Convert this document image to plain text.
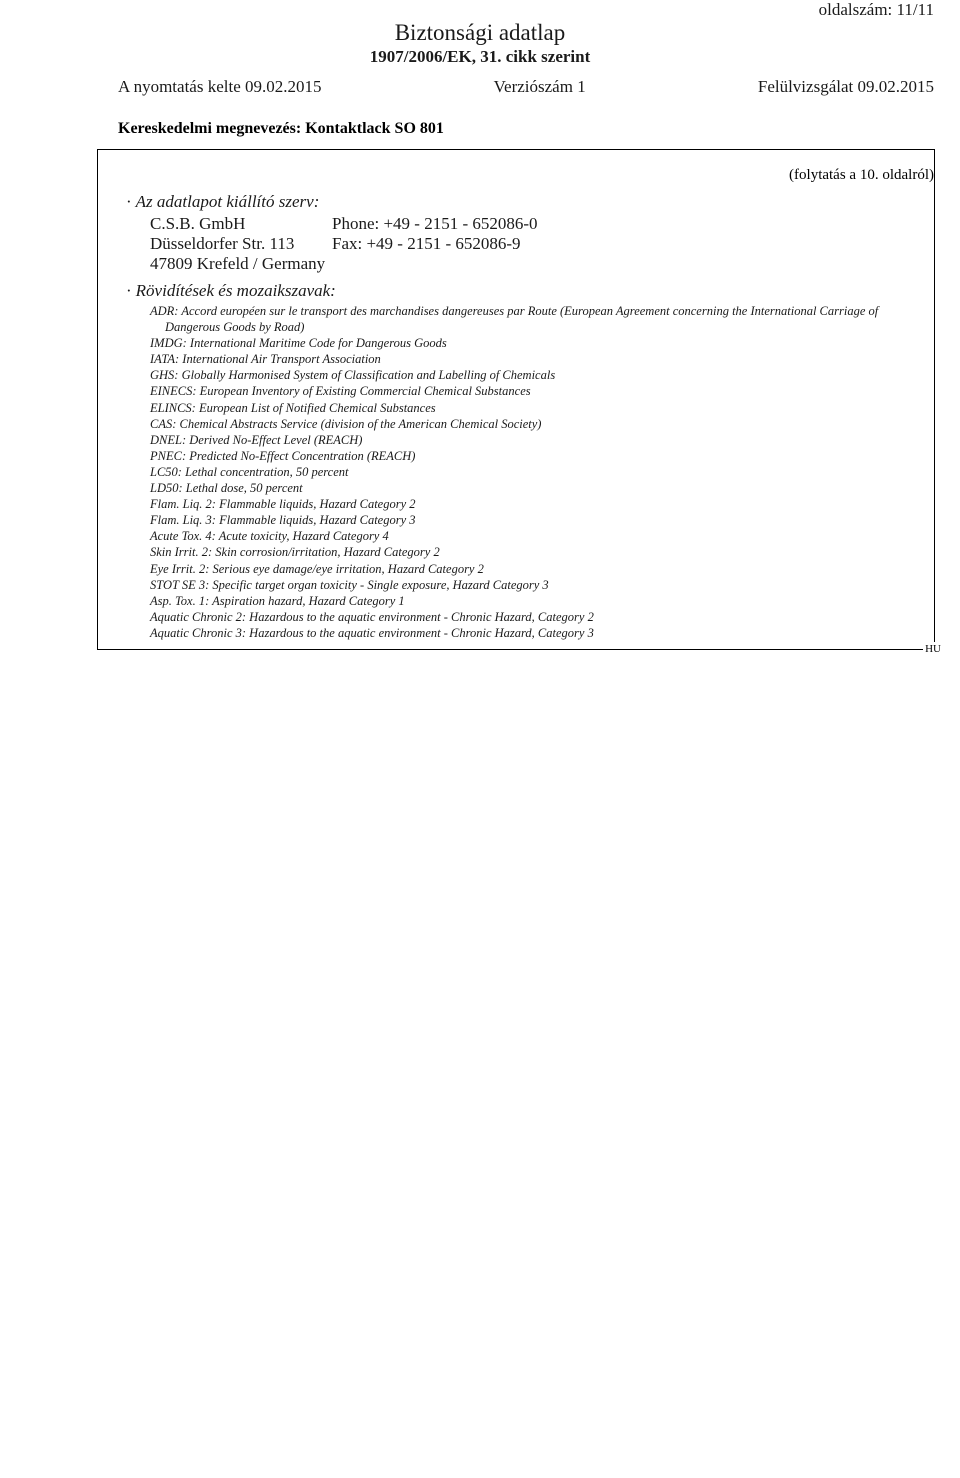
oldalszám: 11/11
Biztonsági adatlap
1907/2006/EK, 31. cikk szerint
A nyomtatás kelte 09.02.2015	Verziószám 1	Felülvizsgálat 09.02.2015
Kereskedelmi megnevezés: Kontaktlack SO 801
(folytatás a 10. oldalról)
· Az adatlapot kiállító szerv:
C.S.B. GmbH	Phone: +49 - 2151 - 652086-0
Düsseldorfer Str. 113 Fax: +49 - 2151 - 652086-9
47809 Krefeld / Germany
· Rövidítések és mozaikszavak:
ADR: Accord européen sur le transport des marchandises dangereuses par Route (European Agreement concerning the International Carriage of Dangerous Goods by Road)
IMDG: International Maritime Code for Dangerous Goods
IATA: International Air Transport Association
GHS: Globally Harmonised System of Classification and Labelling of Chemicals
EINECS: European Inventory of Existing Commercial Chemical Substances
ELINCS: European List of Notified Chemical Substances
CAS: Chemical Abstracts Service (division of the American Chemical Society)
DNEL: Derived No-Effect Level (REACH)
PNEC: Predicted No-Effect Concentration (REACH)
LC50: Lethal concentration, 50 percent
LD50: Lethal dose, 50 percent
Flam. Liq. 2: Flammable liquids, Hazard Category 2
Flam. Liq. 3: Flammable liquids, Hazard Category 3
Acute Tox. 4: Acute toxicity, Hazard Category 4
Skin Irrit. 2: Skin corrosion/irritation, Hazard Category 2
Eye Irrit. 2: Serious eye damage/eye irritation, Hazard Category 2
STOT SE 3: Specific target organ toxicity - Single exposure, Hazard Category 3
Asp. Tox. 1: Aspiration hazard, Hazard Category 1
Aquatic Chronic 2: Hazardous to the aquatic environment - Chronic Hazard, Category 2
Aquatic Chronic 3: Hazardous to the aquatic environment - Chronic Hazard, Category 3
HU
